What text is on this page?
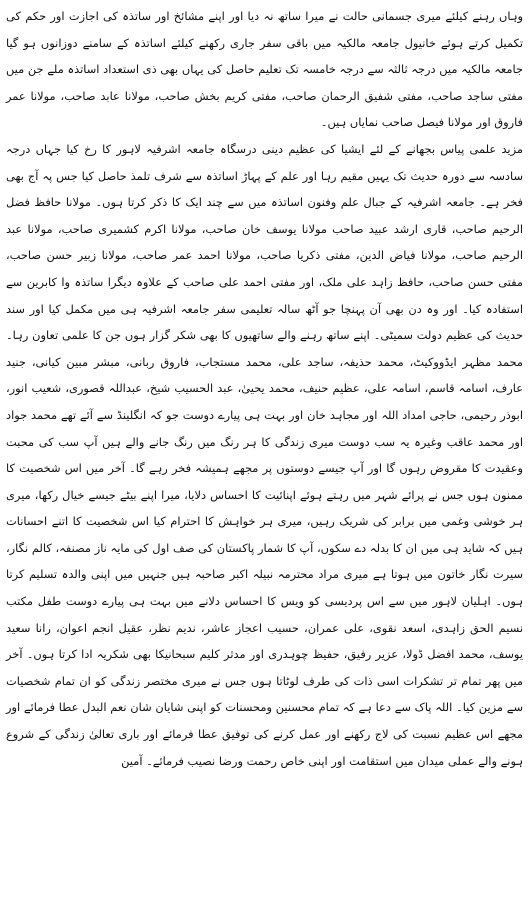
وہاں رہنے کیلئے میری جسمانی حالت نے میرا ساتھ نہ دیا اور اپنے مشائخ اور ساتذہ کی اجازت اور حکم کی تکمیل کرتے ہوئے خانیول جامعہ مالکیہ میں باقی سفر جاری رکھنے کیلئے اساتذہ کے سامنے دوزانوں ہو گیا جامعہ مالکیہ میں درجہ ثالثہ سے درجہ خامسہ تک تعلیم حاصل کی یہاں بھی ذی استعداد اساتذہ ملے جن میں مفتی ساجد صاحب، مفتی شفیق الرحمان صاحب، مفتی کریم بخش صاحب، مولانا عابد صاحب، مولانا عمر فاروق اور مولانا فیصل صاحب نمایاں ہیں۔

مزید علمی پیاس بجھانے کے لئے ایشیا کی عظیم دینی درسگاہ جامعہ اشرفیہ لاہور کا رخ کیا جہاں درجہ سادسہ سے دورہ حدیث تک یہیں مقیم رہا اور علم کے پہاڑ اساتذہ سے شرف تلمذ حاصل کیا جس پہ آج بھی فخر ہے۔ جامعہ اشرفیہ کے جبال علم وفنون اساتذہ میں سے چند ایک کا ذکر کرتا ہوں۔ مولانا حافظ فضل الرحیم صاحب، قاری ارشد عبید صاحب مولانا یوسف خان صاحب، مولانا اکرم کشمیری صاحب، مولانا عبد الرحیم صاحب، مولانا فیاض الدین، مفتی ذکریا صاحب، مولانا احمد عمر صاحب، مولانا زبیر حسن صاحب، مفتی حسن صاحب، حافظ زاہد علی ملک، اور مفتی احمد علی صاحب کے علاوہ دیگرا ساتذہ وا کابرین سے استفادہ کیا۔ اور وہ دن بھی آن پہنچا جو آٹھ سالہ تعلیمی سفر جامعہ اشرفیہ ہی میں مکمل کیا اور سند حدیث کی عظیم دولت سمیٹی۔ اپنے ساتھ رہنے والے ساتھیوں کا بھی شکر گزار ہوں جن کا علمی تعاون رہا۔ محمد مظہر ایڈووکیٹ، محمد حذیفہ، ساجد علی، محمد مستجاب، فاروق ربانی، مبشر مبین کیانی، جنید عارف، اسامہ قاسم، اسامہ علی، عظیم حنیف، محمد یحییٰ، عبد الحسیب شیخ، عبداللہ قصوری، شعیب انور، ابوذر رحیمی، حاجی امداد اللہ اور مجاہد خان اور بہت ہی پیارے دوست جو کہ انگلینڈ سے آئے تھے محمد جواد اور محمد عاقب وغیرہ یہ سب دوست میری زندگی کا ہر رنگ میں رنگ جانے والے ہیں آپ سب کی محبت وعقیدت کا مقروض رہوں گا اور آپ جیسے دوستوں پر مجھے ہمیشہ فخر رہے گا۔ آخر میں اس شخصیت کا ممنون ہوں جس نے پرائے شہر میں رہتے ہوئے اپنائیت کا احساس دلایا، میرا اپنے بیٹے جیسے خیال رکھا، میری ہر خوشی وغمی میں برابر کی شریک رہیں، میری ہر خواہش کا احترام کیا اس شخصیت کا اتنے احسانات ہیں کہ شاید ہی میں ان کا بدلہ دے سکوں، آپ کا شمار پاکستان کی صف اول کی مایہ ناز مصنفہ، کالم نگار، سیرت نگار خاتون میں ہوتا ہے میری مراد محترمہ نبیلہ اکبر صاحبہ ہیں جنہیں میں اپنی والدہ تسلیم کرتا ہوں۔ اہلیان لاہور میں سے اس پردیسی کو ویس کا احساس دلانے میں بہت ہی پیارے دوست طفل مکتب نسیم الحق زاہدی، اسعد نقوی، علی عمران، حسیب اعجاز عاشر، ندیم نظر، عقیل انجم اعوان، رانا سعید یوسف، محمد افضل ڈولا، عزیر رفیق، حفیظ چوہدری اور مدثر کلیم سبحانیکا بھی شکریہ ادا کرتا ہوں۔ آخر میں پھر تمام تر تشکرات اسی ذات کی طرف لوٹاتا ہوں جس نے میری مختصر زندگی کو ان تمام شخصیات سے مزین کیا۔ اللہ پاک سے دعا ہے کہ تمام محسنین ومحسنات کو اپنی شایان شان نعم البدل عطا فرمائے اور مجھے اس عظیم نسبت کی لاج رکھنے اور عمل کرنے کی توفیق عطا فرمائے اور باری تعالیٰ زندگی کے شروع ہونے والے عملی میدان میں استقامت اور اپنی خاص رحمت ورضا نصیب فرمائے۔ آمین
